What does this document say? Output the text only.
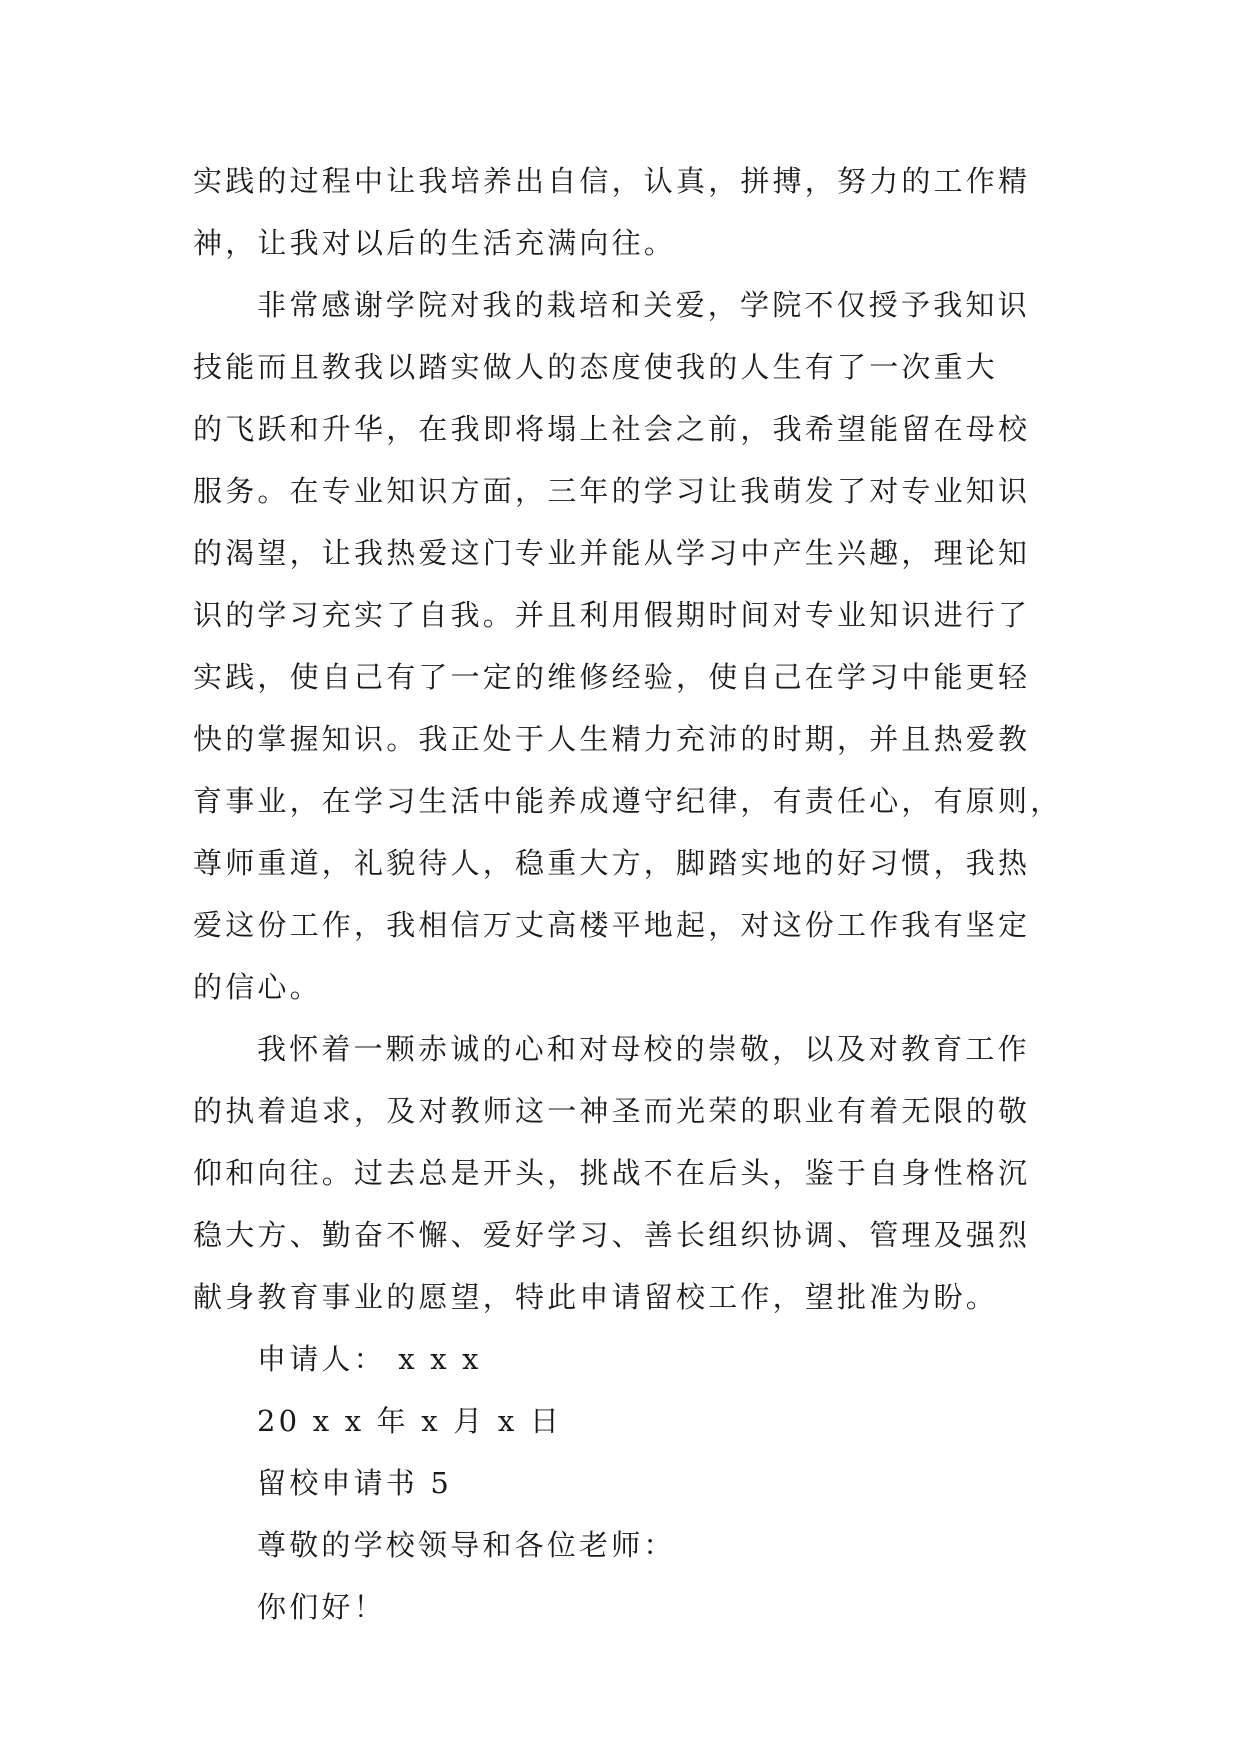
实践的过程中让我培养出自信，认真，拼搏，努力的工作精
神，让我对以后的生活充满向往。
非常感谢学院对我的栽培和关爱，学院不仅授予我知识
技能而且教我以踏实做人的态度使我的人生有了一次重大
的飞跃和升华，在我即将塌上社会之前，我希望能留在母校
服务。在专业知识方面，三年的学习让我萌发了对专业知识
的渴望，让我热爱这门专业并能从学习中产生兴趣，理论知
识的学习充实了自我。并且利用假期时间对专业知识进行了
实践，使自己有了一定的维修经验，使自己在学习中能更轻
快的掌握知识。我正处于人生精力充沛的时期，并且热爱教
育事业，在学习生活中能养成遵守纪律，有责任心，有原则，
尊师重道，礼貌待人，稳重大方，脚踏实地的好习惯，我热
爱这份工作，我相信万丈高楼平地起，对这份工作我有坚定
的信心。
我怀着一颗赤诚的心和对母校的崇敬，以及对教育工作
的执着追求，及对教师这一神圣而光荣的职业有着无限的敬
仰和向往。过去总是开头，挑战不在后头，鉴于自身性格沉
稳大方、勤奋不懈、爱好学习、善长组织协调、管理及强烈
献身教育事业的愿望，特此申请留校工作，望批准为盼。
申请人： x x x
20 x x 年 x 月 x 日
留校申请书 5
尊敬的学校领导和各位老师：
你们好！
